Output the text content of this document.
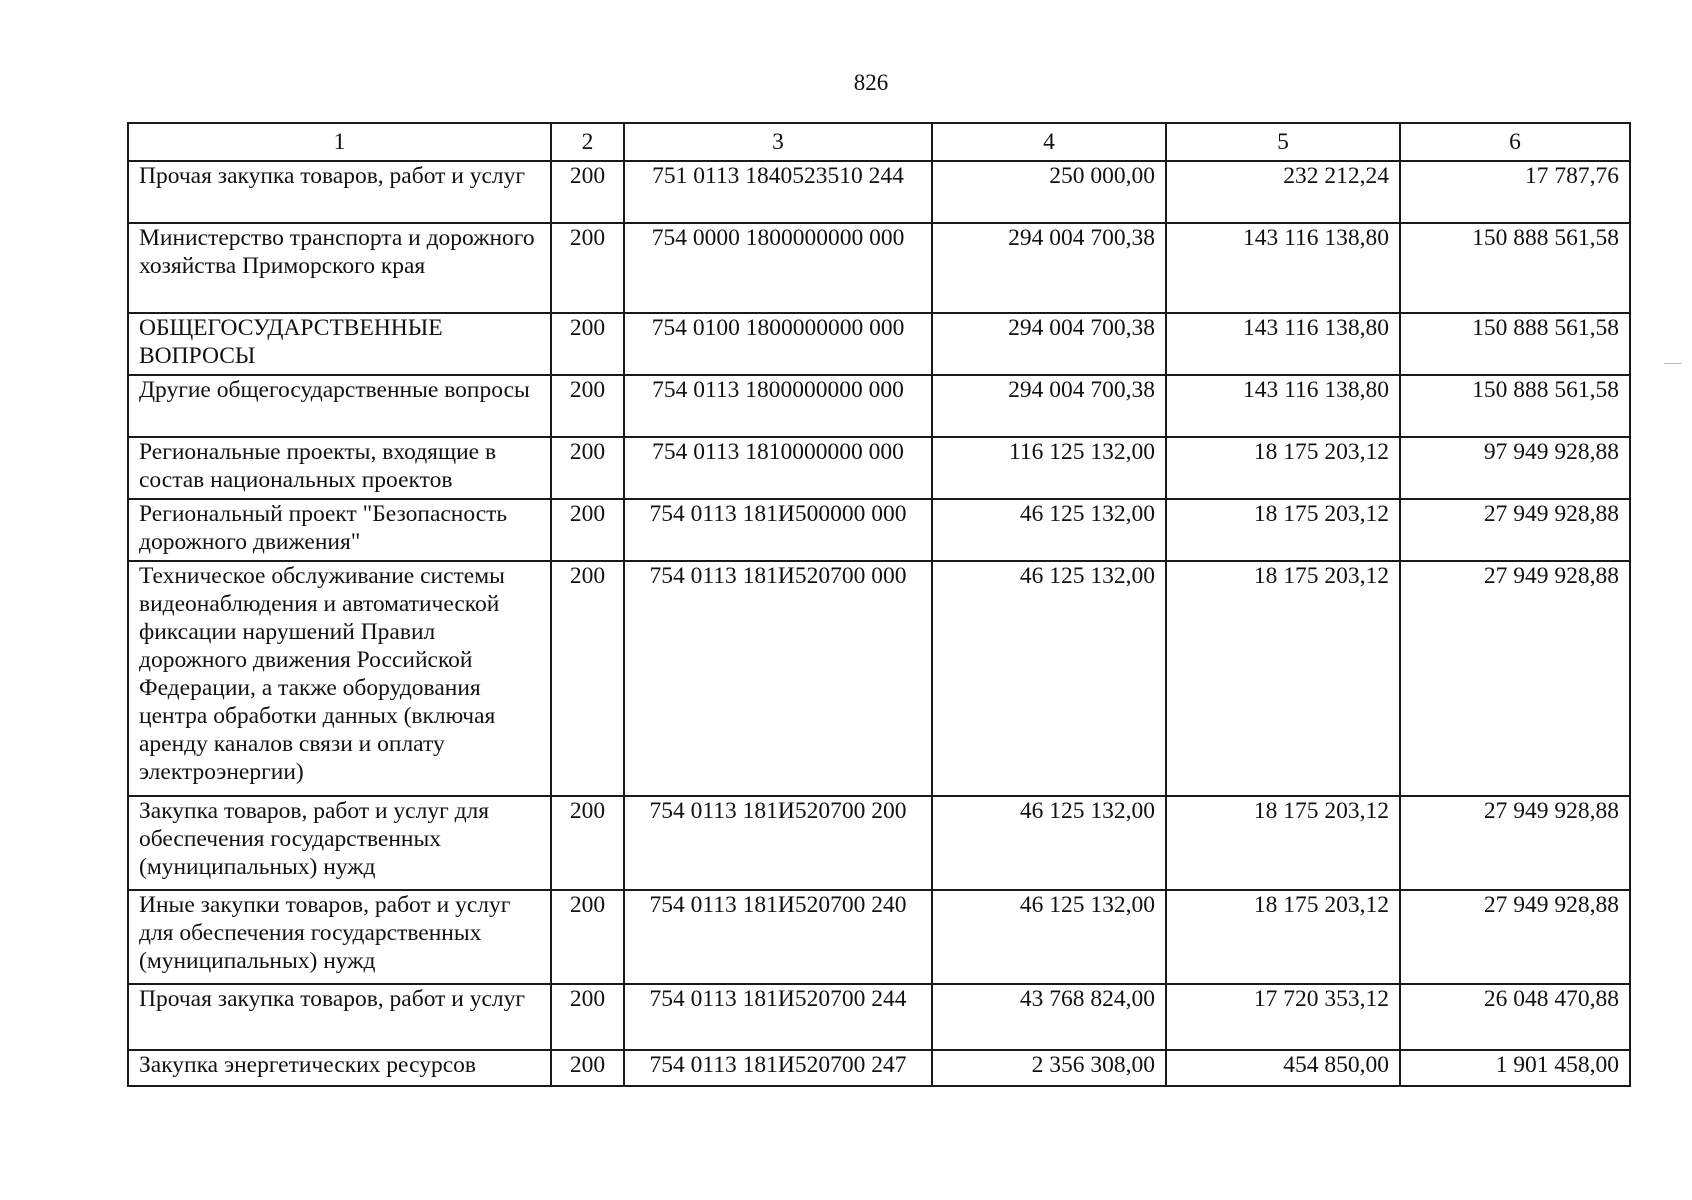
826
1	2	3	4	5	6
Прочая закупка товаров, работ и услуг	200	751 0113 1840523510 244	250 000,00	232 212,24	17 787,76
Министерство транспорта и дорожного хозяйства Приморского края	200	754 0000 1800000000 000	294 004 700,38	143 116 138,80	150 888 561,58
ОБЩЕГОСУДАРСТВЕННЫЕ ВОПРОСЫ	200	754 0100 1800000000 000	294 004 700,38	143 116 138,80	150 888 561,58
Другие общегосударственные вопросы	200	754 0113 1800000000 000	294 004 700,38	143 116 138,80	150 888 561,58
Региональные проекты, входящие в состав национальных проектов	200	754 0113 1810000000 000	116 125 132,00	18 175 203,12	97 949 928,88
Региональный проект "Безопасность дорожного движения"	200	754 0113 181И500000 000	46 125 132,00	18 175 203,12	27 949 928,88
Техническое обслуживание системы видеонаблюдения и автоматической фиксации нарушений Правил дорожного движения Российской Федерации, а также оборудования центра обработки данных (включая аренду каналов связи и оплату электроэнергии)	200	754 0113 181И520700 000	46 125 132,00	18 175 203,12	27 949 928,88
Закупка товаров, работ и услуг для обеспечения государственных (муниципальных) нужд	200	754 0113 181И520700 200	46 125 132,00	18 175 203,12	27 949 928,88
Иные закупки товаров, работ и услуг для обеспечения государственных (муниципальных) нужд	200	754 0113 181И520700 240	46 125 132,00	18 175 203,12	27 949 928,88
Прочая закупка товаров, работ и услуг	200	754 0113 181И520700 244	43 768 824,00	17 720 353,12	26 048 470,88
Закупка энергетических ресурсов	200	754 0113 181И520700 247	2 356 308,00	454 850,00	1 901 458,00
